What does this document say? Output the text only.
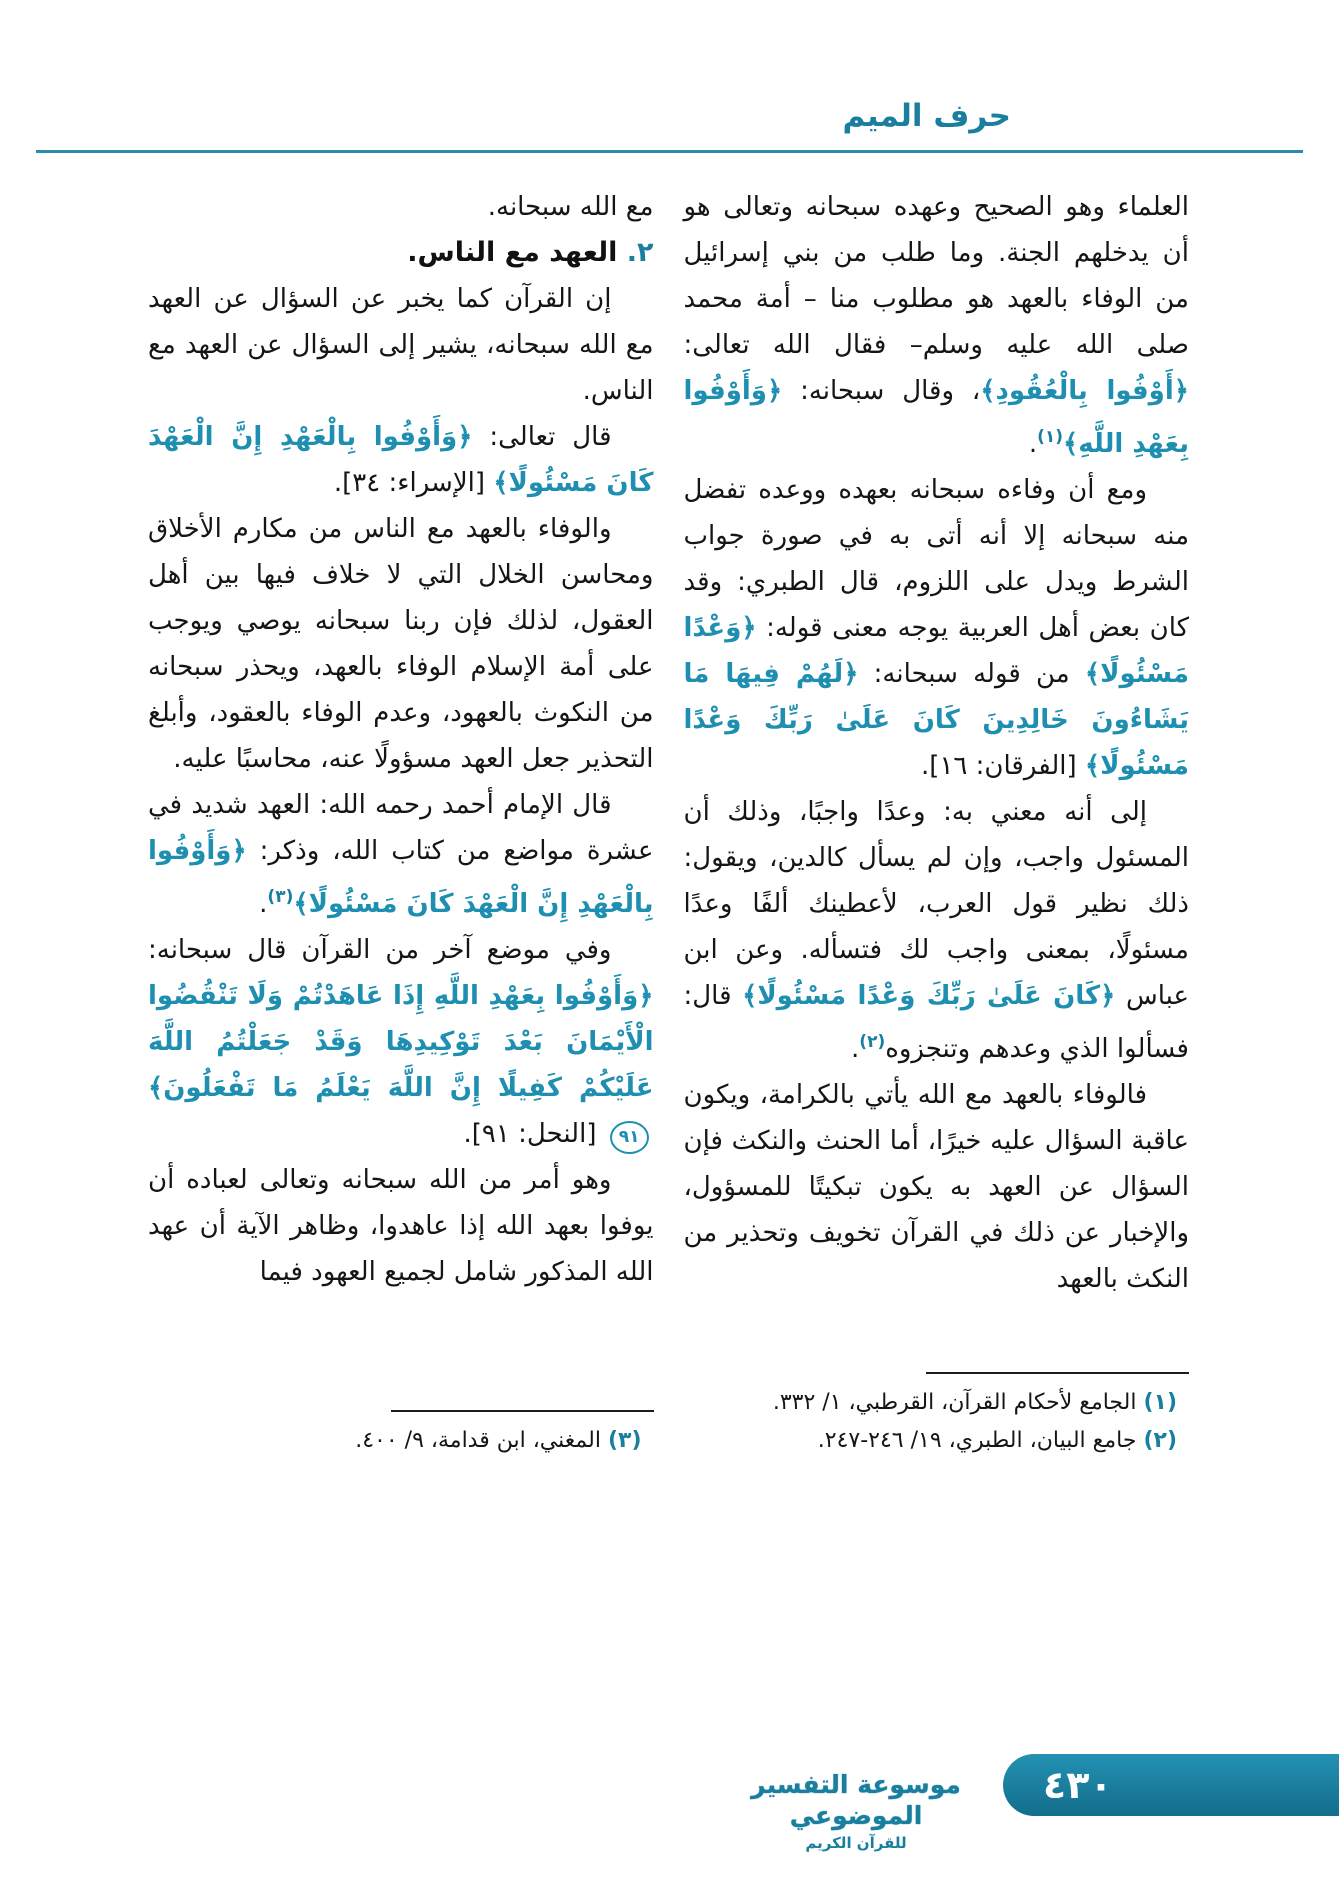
حرف الميم

العلماء وهو الصحيح وعهده سبحانه وتعالى هو أن يدخلهم الجنة. وما طلب من بني إسرائيل من الوفاء بالعهد هو مطلوب منا – أمة محمد صلى الله عليه وسلم– فقال الله تعالى: ﴿أَوْفُوا بِالْعُقُودِ﴾، وقال سبحانه: ﴿وَأَوْفُوا بِعَهْدِ اللَّهِ﴾$^{(١)}$.

ومع أن وفاءه سبحانه بعهده ووعده تفضل منه سبحانه إلا أنه أتى به في صورة جواب الشرط ويدل على اللزوم، قال الطبري: وقد كان بعض أهل العربية يوجه معنى قوله: ﴿وَعْدًا مَسْئُولًا﴾ من قوله سبحانه: ﴿لَهُمْ فِيهَا مَا يَشَاءُونَ خَالِدِينَ كَانَ عَلَىٰ رَبِّكَ وَعْدًا مَسْئُولًا﴾ [الفرقان: ١٦].

إلى أنه معني به: وعدًا واجبًا، وذلك أن المسئول واجب، وإن لم يسأل كالدين، ويقول: ذلك نظير قول العرب، لأعطينك ألفًا وعدًا مسئولًا، بمعنى واجب لك فتسأله. وعن ابن عباس ﴿كَانَ عَلَىٰ رَبِّكَ وَعْدًا مَسْئُولًا﴾ قال: فسألوا الذي وعدهم وتنجزوه$^{(٢)}$.

فالوفاء بالعهد مع الله يأتي بالكرامة، ويكون عاقبة السؤال عليه خيرًا، أما الحنث والنكث فإن السؤال عن العهد به يكون تبكيتًا للمسؤول، والإخبار عن ذلك في القرآن تخويف وتحذير من النكث بالعهد

(١) الجامع لأحكام القرآن، القرطبي، ١/ ٣٣٢.

(٢) جامع البيان، الطبري، ١٩/ ٢٤٦-٢٤٧.

مع الله سبحانه.

٢. العهد مع الناس.

إن القرآن كما يخبر عن السؤال عن العهد مع الله سبحانه، يشير إلى السؤال عن العهد مع الناس.

قال تعالى: ﴿وَأَوْفُوا بِالْعَهْدِ إِنَّ الْعَهْدَ كَانَ مَسْئُولًا﴾ [الإسراء: ٣٤].

والوفاء بالعهد مع الناس من مكارم الأخلاق ومحاسن الخلال التي لا خلاف فيها بين أهل العقول، لذلك فإن ربنا سبحانه يوصي ويوجب على أمة الإسلام الوفاء بالعهد، ويحذر سبحانه من النكوث بالعهود، وعدم الوفاء بالعقود، وأبلغ التحذير جعل العهد مسؤولًا عنه، محاسبًا عليه.

قال الإمام أحمد رحمه الله: العهد شديد في عشرة مواضع من كتاب الله، وذكر: ﴿وَأَوْفُوا بِالْعَهْدِ إِنَّ الْعَهْدَ كَانَ مَسْئُولًا﴾$^{(٣)}$.

وفي موضع آخر من القرآن قال سبحانه: ﴿وَأَوْفُوا بِعَهْدِ اللَّهِ إِذَا عَاهَدْتُمْ وَلَا تَنْقُضُوا الْأَيْمَانَ بَعْدَ تَوْكِيدِهَا وَقَدْ جَعَلْتُمُ اللَّهَ عَلَيْكُمْ كَفِيلًا إِنَّ اللَّهَ يَعْلَمُ مَا تَفْعَلُونَ﴾٩١ [النحل: ٩١].

وهو أمر من الله سبحانه وتعالى لعباده أن يوفوا بعهد الله إذا عاهدوا، وظاهر الآية أن عهد الله المذكور شامل لجميع العهود فيما

(٣) المغني، ابن قدامة، ٩/ ٤٠٠.

موسوعة التفسير الموضوعي
للقرآن الكريم
٤٣٠
